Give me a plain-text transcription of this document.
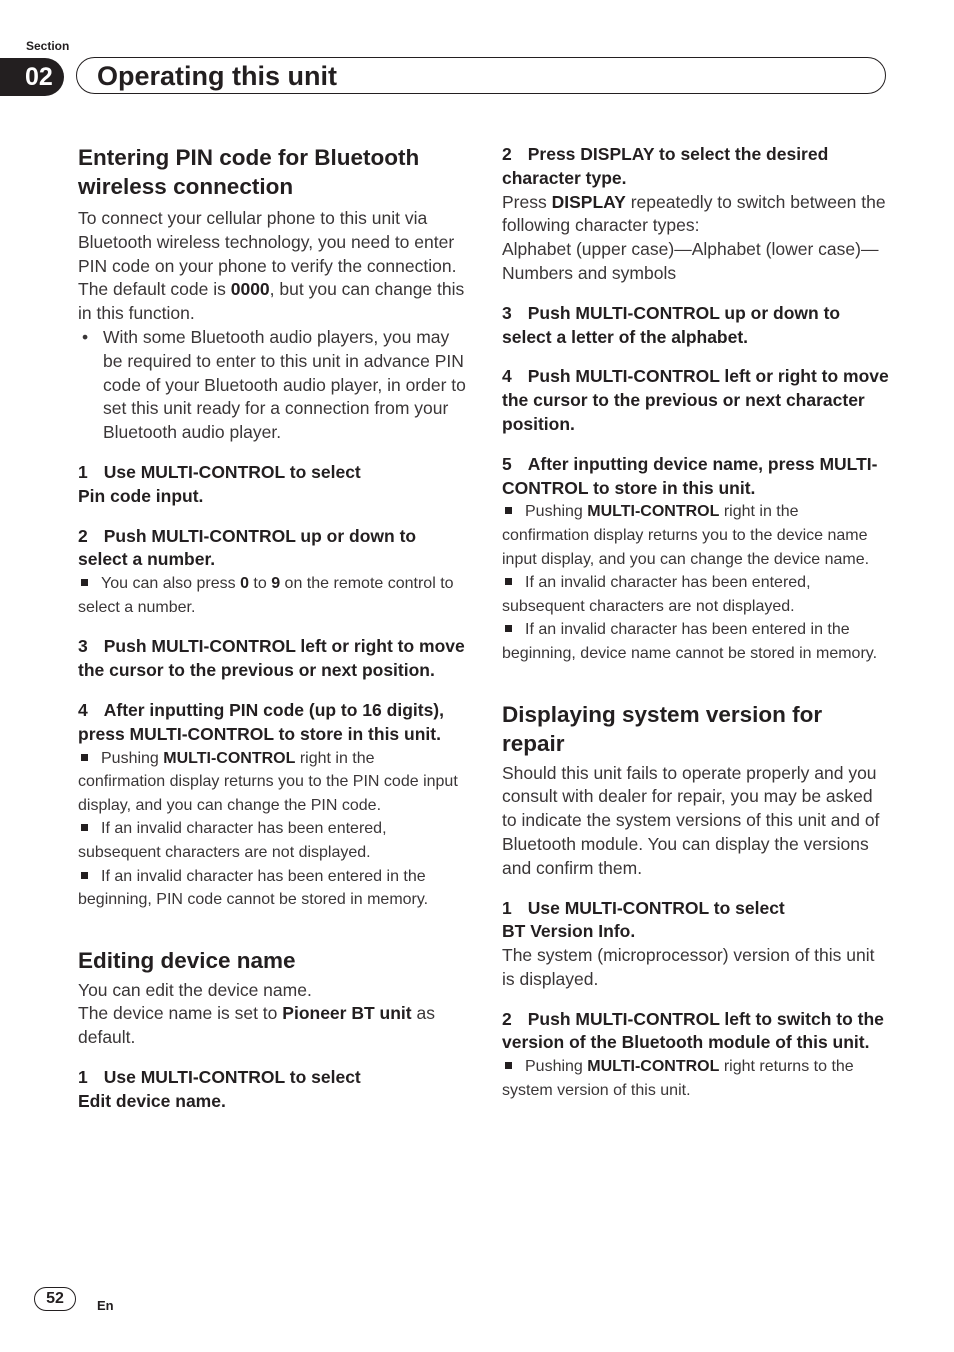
Section
02	Operating this unit
Entering PIN code for Bluetooth wireless connection
To connect your cellular phone to this unit via Bluetooth wireless technology, you need to enter PIN code on your phone to verify the connection. The default code is 0000, but you can change this in this function.
• With some Bluetooth audio players, you may be required to enter to this unit in advance PIN code of your Bluetooth audio player, in order to set this unit ready for a connection from your Bluetooth audio player.
1 Use MULTI-CONTROL to select
Pin code input.
2 Push MULTI-CONTROL up or down to select a number.
You can also press 0 to 9 on the remote control to select a number.
3 Push MULTI-CONTROL left or right to move the cursor to the previous or next position.
4 After inputting PIN code (up to 16 digits), press MULTI-CONTROL to store in this unit.
Pushing MULTI-CONTROL right in the confirmation display returns you to the PIN code input display, and you can change the PIN code.
If an invalid character has been entered, subsequent characters are not displayed.
If an invalid character has been entered in the beginning, PIN code cannot be stored in memory.
Editing device name
You can edit the device name.
The device name is set to Pioneer BT unit as default.
1 Use MULTI-CONTROL to select
Edit device name.
2 Press DISPLAY to select the desired character type.
Press DISPLAY repeatedly to switch between the following character types:
Alphabet (upper case)—Alphabet (lower case)—Numbers and symbols
3 Push MULTI-CONTROL up or down to select a letter of the alphabet.
4 Push MULTI-CONTROL left or right to move the cursor to the previous or next character position.
5 After inputting device name, press MULTI-CONTROL to store in this unit.
Pushing MULTI-CONTROL right in the confirmation display returns you to the device name input display, and you can change the device name.
If an invalid character has been entered, subsequent characters are not displayed.
If an invalid character has been entered in the beginning, device name cannot be stored in memory.
Displaying system version for repair
Should this unit fails to operate properly and you consult with dealer for repair, you may be asked to indicate the system versions of this unit and of Bluetooth module. You can display the versions and confirm them.
1 Use MULTI-CONTROL to select
BT Version Info.
The system (microprocessor) version of this unit is displayed.
2 Push MULTI-CONTROL left to switch to the version of the Bluetooth module of this unit.
Pushing MULTI-CONTROL right returns to the system version of this unit.
52	En
